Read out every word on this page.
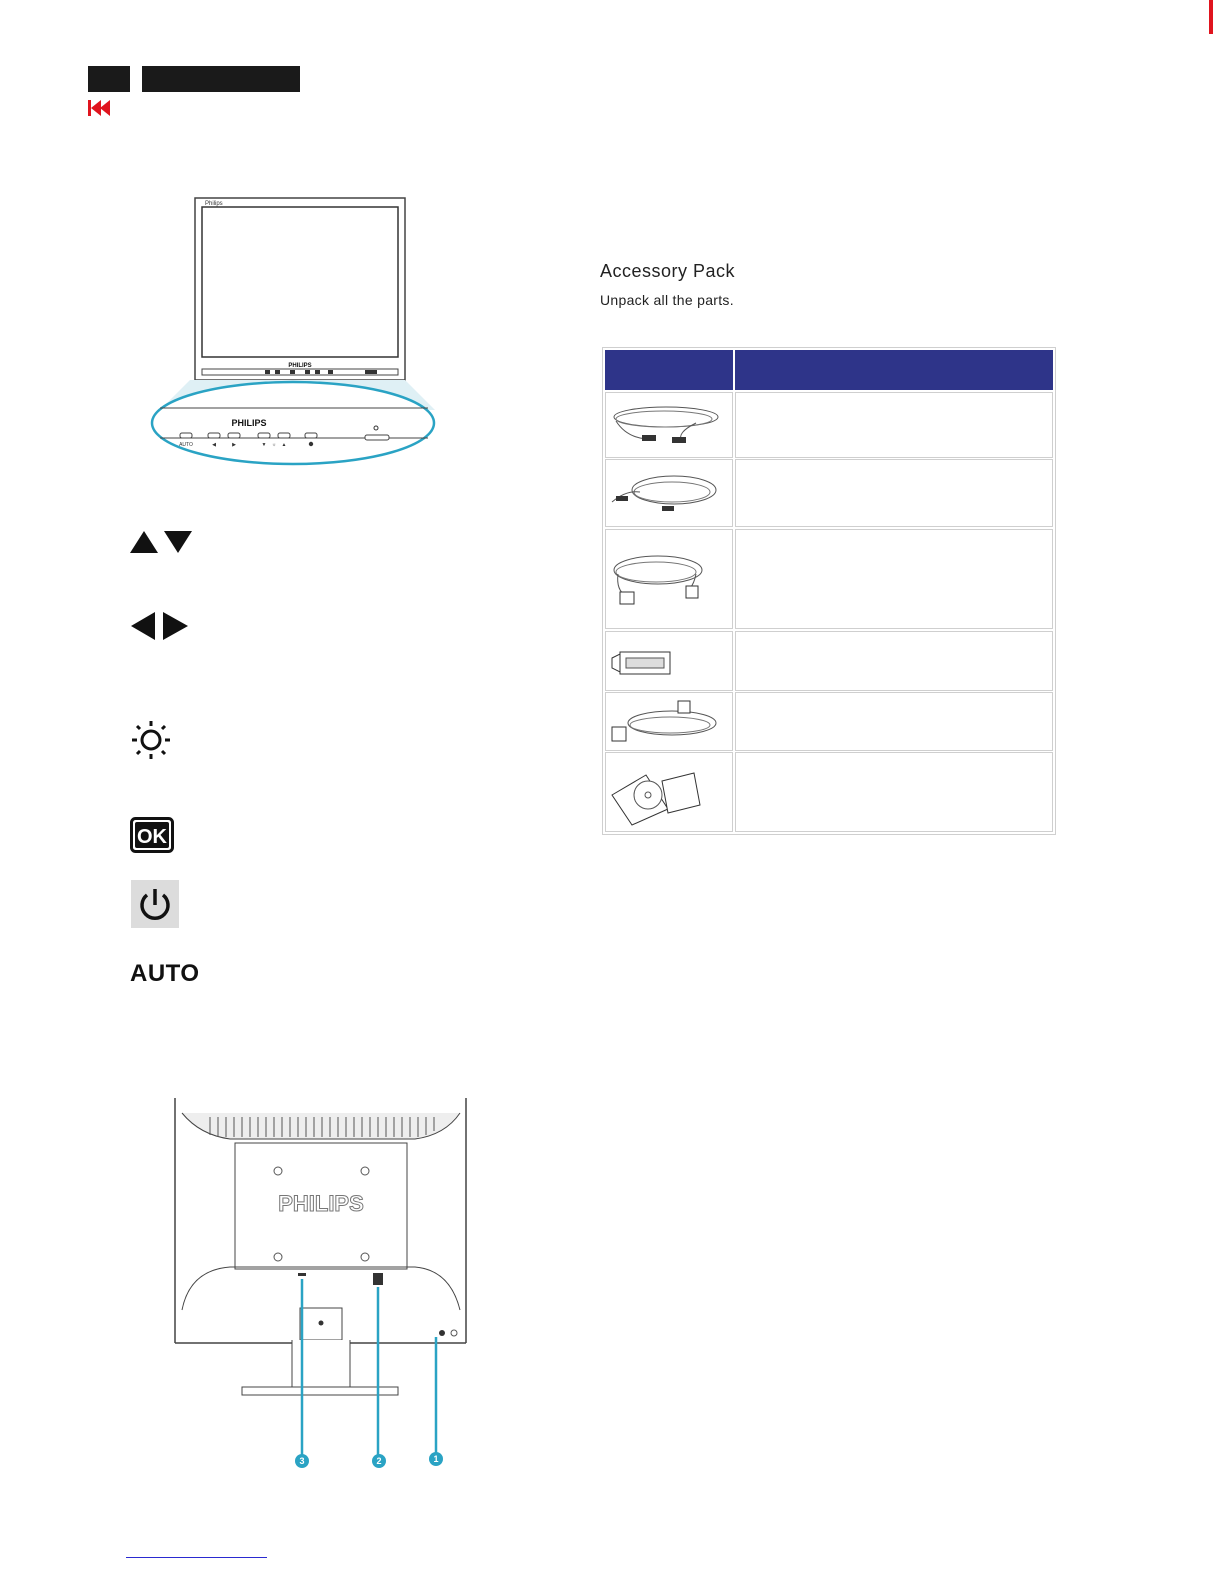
Philips
PHILIPS
PHILIPS
AUTO	◀	▶	▼ ☼ ▲
OK
AUTO
PHILIPS
3	2	1
Accessory Pack
Unpack all the parts.
